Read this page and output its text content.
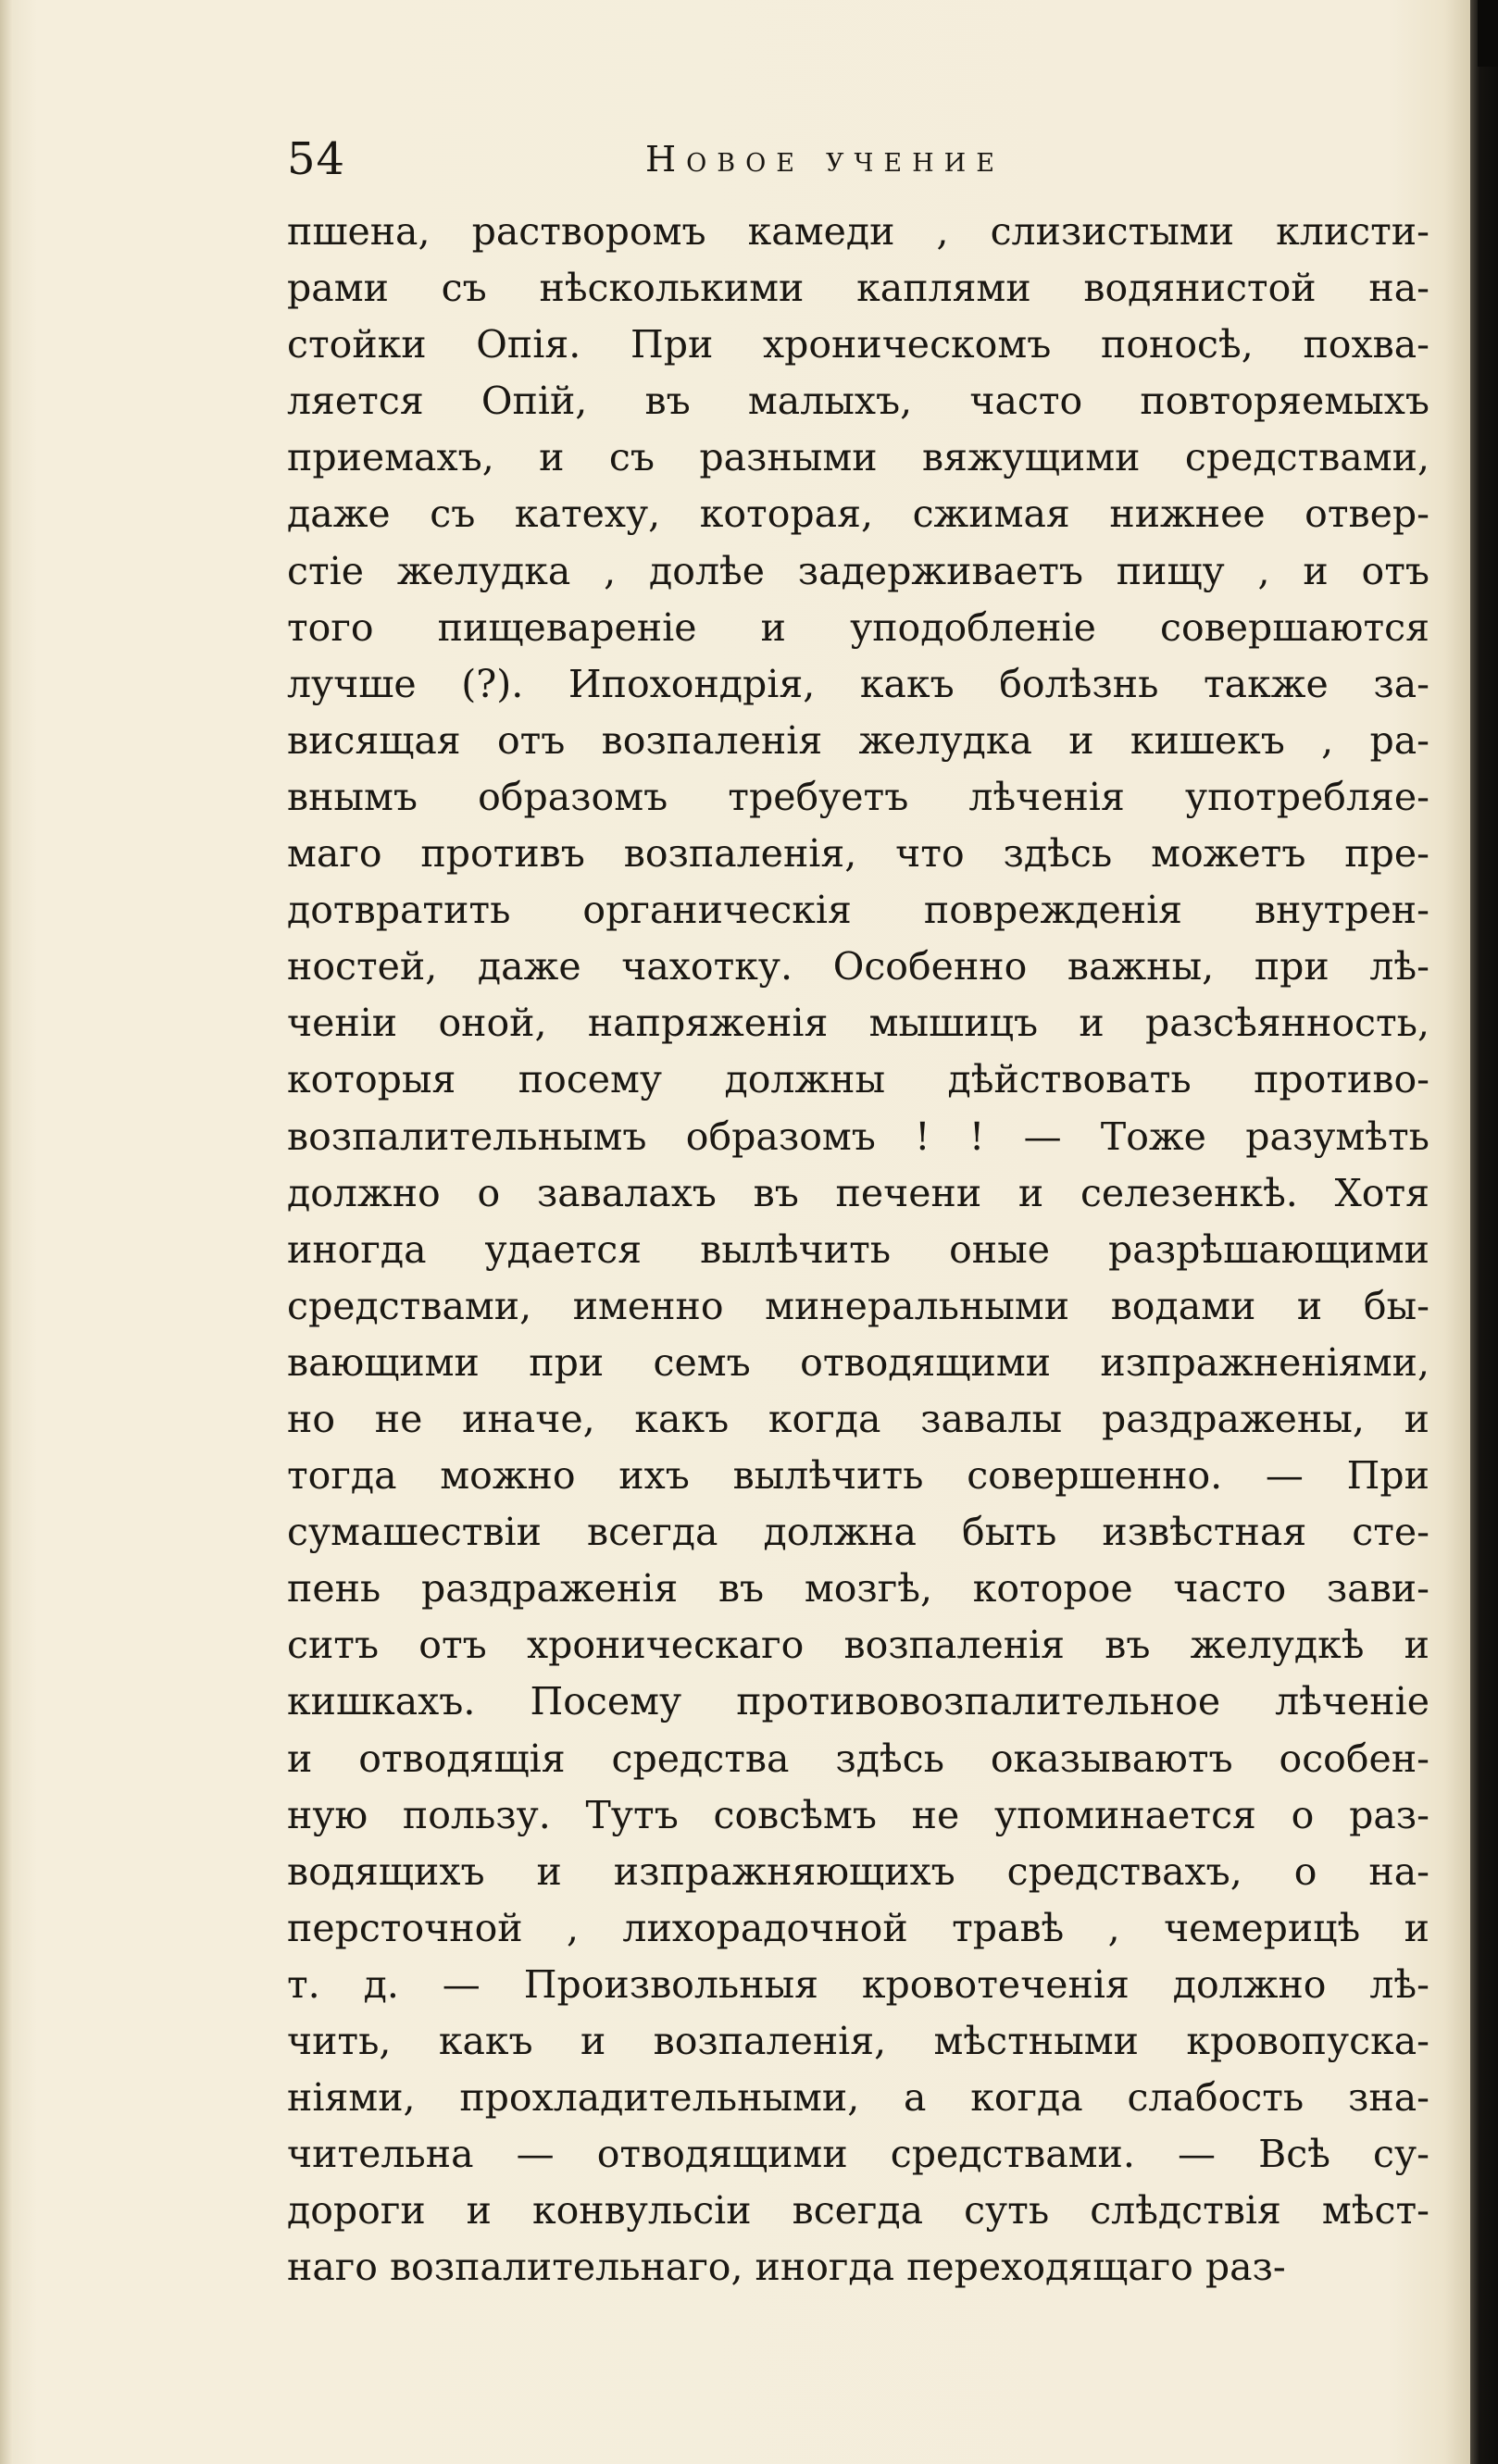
54	Новое учение
пшена, растворомъ камеди , слизистыми клисти-
рами съ нѣсколькими каплями водянистой на-
стойки Опія. При хроническомъ поносѣ, похва-
ляется Опій, въ малыхъ, часто повторяемыхъ
приемахъ, и съ разными вяжущими средствами,
даже съ катеху, которая, сжимая нижнее отвер-
стіе желудка , долѣе задерживаетъ пищу , и отъ
того пищевареніе и уподобленіе совершаются
лучше (?). Ипохондрія, какъ болѣзнь также за-
висящая отъ возпаленія желудка и кишекъ , ра-
внымъ образомъ требуетъ лѣченія употребляе-
маго противъ возпаленія, что здѣсь можетъ пре-
дотвратить органическія поврежденія внутрен-
ностей, даже чахотку. Особенно важны, при лѣ-
ченіи оной, напряженія мышицъ и разсѣянность,
которыя посему должны дѣйствовать противо-
возпалительнымъ образомъ ! ! — Тоже разумѣть
должно о завалахъ въ печени и селезенкѣ. Хотя
иногда удается вылѣчить оные разрѣшающими
средствами, именно минеральными водами и бы-
вающими при семъ отводящими изпражненіями,
но не иначе, какъ когда завалы раздражены, и
тогда можно ихъ вылѣчить совершенно. — При
сумашествіи всегда должна быть извѣстная сте-
пень раздраженія въ мозгѣ, которое часто зави-
ситъ отъ хроническаго возпаленія въ желудкѣ и
кишкахъ. Посему противовозпалительное лѣченіе
и отводящія средства здѣсь оказываютъ особен-
ную пользу. Тутъ совсѣмъ не упоминается о раз-
водящихъ и изпражняющихъ средствахъ, о на-
персточной , лихорадочной травѣ , чемерицѣ и
т. д. — Произвольныя кровотеченія должно лѣ-
чить, какъ и возпаленія, мѣстными кровопуска-
ніями, прохладительными, а когда слабость зна-
чительна — отводящими средствами. — Всѣ су-
дороги и конвульсіи всегда суть слѣдствія мѣст-
наго возпалительнаго, иногда переходящаго раз-
